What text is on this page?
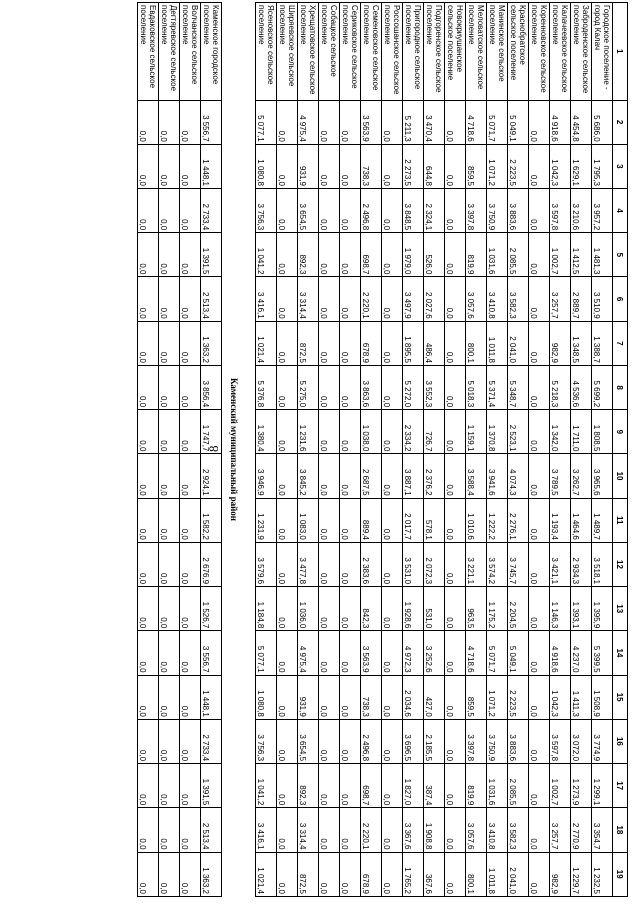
8
1	2	3	4	5	6	7	8	9	10	11	12	13	14	15	16	17	18	19
Городское поселение - город Калач	5 686,0	1 795,3	3 957,2	1 481,3	3 510,9	1 388,7	5 699,2	1 808,5	3 965,6	1 489,7	3 518,1	1 395,9	5 399,5	1 508,9	3 774,9	1 299,1	3 354,7	1 232,5
Заброденское сельское поселение	4 454,8	1 629,1	3 210,6	1 412,5	2 889,7	1 348,5	4 536,6	1 711,0	3 262,7	1 464,6	2 934,3	1 393,1	4 237,0	1 411,3	3 072,0	1 273,9	2 770,9	1 229,7
Калачеевское сельское поселение	4 918,6	1 042,3	3 597,8	1 002,7	3 257,7	982,9	5 218,3	1 342,0	3 789,5	1 193,4	3 421,1	1 146,3	4 918,6	1 042,3	3 597,8	1 002,7	3 257,7	982,9
Коренновское сельское поселение	0,0	0,0	0,0	0,0	0,0	0,0	0,0	0,0	0,0	0,0	0,0	0,0	0,0	0,0	0,0	0,0	0,0	0,0
Краснобратское сельское поселение	5 049,1	2 223,5	3 883,6	2 085,5	3 582,3	2 041,0	5 348,7	2 523,1	4 074,3	2 276,1	3 745,7	2 204,5	5 049,1	2 223,5	3 883,6	2 085,5	3 582,3	2 041,0
Манинское сельское поселение	5 071,7	1 071,2	3 750,9	1 031,6	3 410,8	1 011,8	5 371,4	1 370,8	3 941,6	1 222,2	3 574,2	1 175,2	5 071,7	1 071,2	3 750,9	1 031,6	3 410,8	1 011,8
Меловатское сельское поселение	4 718,6	859,5	3 397,8	819,9	3 057,6	800,1	5 018,3	1 159,1	3 588,4	1 010,6	3 221,1	963,5	4 718,6	859,5	3 397,8	819,9	3 057,6	800,1
Новокриушанское сельское поселение	0,0	0,0	0,0	0,0	0,0	0,0	0,0	0,0	0,0	0,0	0,0	0,0	0,0	0,0	0,0	0,0	0,0	0,0
Подгоренское сельское поселение	3 470,4	644,8	2 324,1	526,0	2 027,6	486,4	3 552,3	726,7	2 376,2	578,1	2 072,3	531,0	3 252,6	427,0	2 185,5	387,4	1 908,8	367,6
Пригородное сельское поселение	5 211,3	2 273,5	3 848,5	1 979,0	3 497,9	1 895,5	5 272,0	2 334,2	3 887,1	2 017,7	3 531,0	1 928,6	4 972,3	2 034,6	3 696,5	1 827,0	3 367,6	1 765,2
Россошанское сельское поселение	0,0	0,0	0,0	0,0	0,0	0,0	0,0	0,0	0,0	0,0	0,0	0,0	0,0	0,0	0,0	0,0	0,0	0,0
Семеновское сельское поселение	3 563,9	738,3	2 496,8	698,7	2 220,1	678,9	3 863,6	1 038,0	2 687,5	889,4	2 383,6	842,3	3 563,9	738,3	2 496,8	698,7	2 220,1	678,9
Сериковское сельское поселение	0,0	0,0	0,0	0,0	0,0	0,0	0,0	0,0	0,0	0,0	0,0	0,0	0,0	0,0	0,0	0,0	0,0	0,0
Собацкое сельское поселение	0,0	0,0	0,0	0,0	0,0	0,0	0,0	0,0	0,0	0,0	0,0	0,0	0,0	0,0	0,0	0,0	0,0	0,0
Хрещатовское сельское поселение	4 975,4	931,9	3 654,5	892,3	3 314,4	872,5	5 275,0	1 231,6	3 845,2	1 083,0	3 477,8	1 036,0	4 975,4	931,9	3 654,5	892,3	3 314,4	872,5
Ширяевское сельское поселение	0,0	0,0	0,0	0,0	0,0	0,0	0,0	0,0	0,0	0,0	0,0	0,0	0,0	0,0	0,0	0,0	0,0	0,0
Ясеновское сельское поселение	5 077,1	1 080,8	3 756,3	1 041,2	3 416,1	1 021,4	5 376,8	1 380,4	3 946,9	1 231,9	3 579,6	1 184,8	5 077,1	1 080,8	3 756,3	1 041,2	3 416,1	1 021,4
Каменский муниципальный район
Каменское городское поселение	3 556,7	1 448,1	2 733,4	1 391,5	2 513,4	1 363,2	3 856,4	1 747,7	2 924,1	1 582,2	2 676,9	1 526,7	3 556,7	1 448,1	2 733,4	1 391,5	2 513,4	1 363,2
Волчанское сельское поселение	0,0	0,0	0,0	0,0	0,0	0,0	0,0	0,0	0,0	0,0	0,0	0,0	0,0	0,0	0,0	0,0	0,0	0,0
Дегтяревское сельское поселение	0,0	0,0	0,0	0,0	0,0	0,0	0,0	0,0	0,0	0,0	0,0	0,0	0,0	0,0	0,0	0,0	0,0	0,0
Евдаковское сельское поселение	0,0	0,0	0,0	0,0	0,0	0,0	0,0	0,0	0,0	0,0	0,0	0,0	0,0	0,0	0,0	0,0	0,0	0,0
